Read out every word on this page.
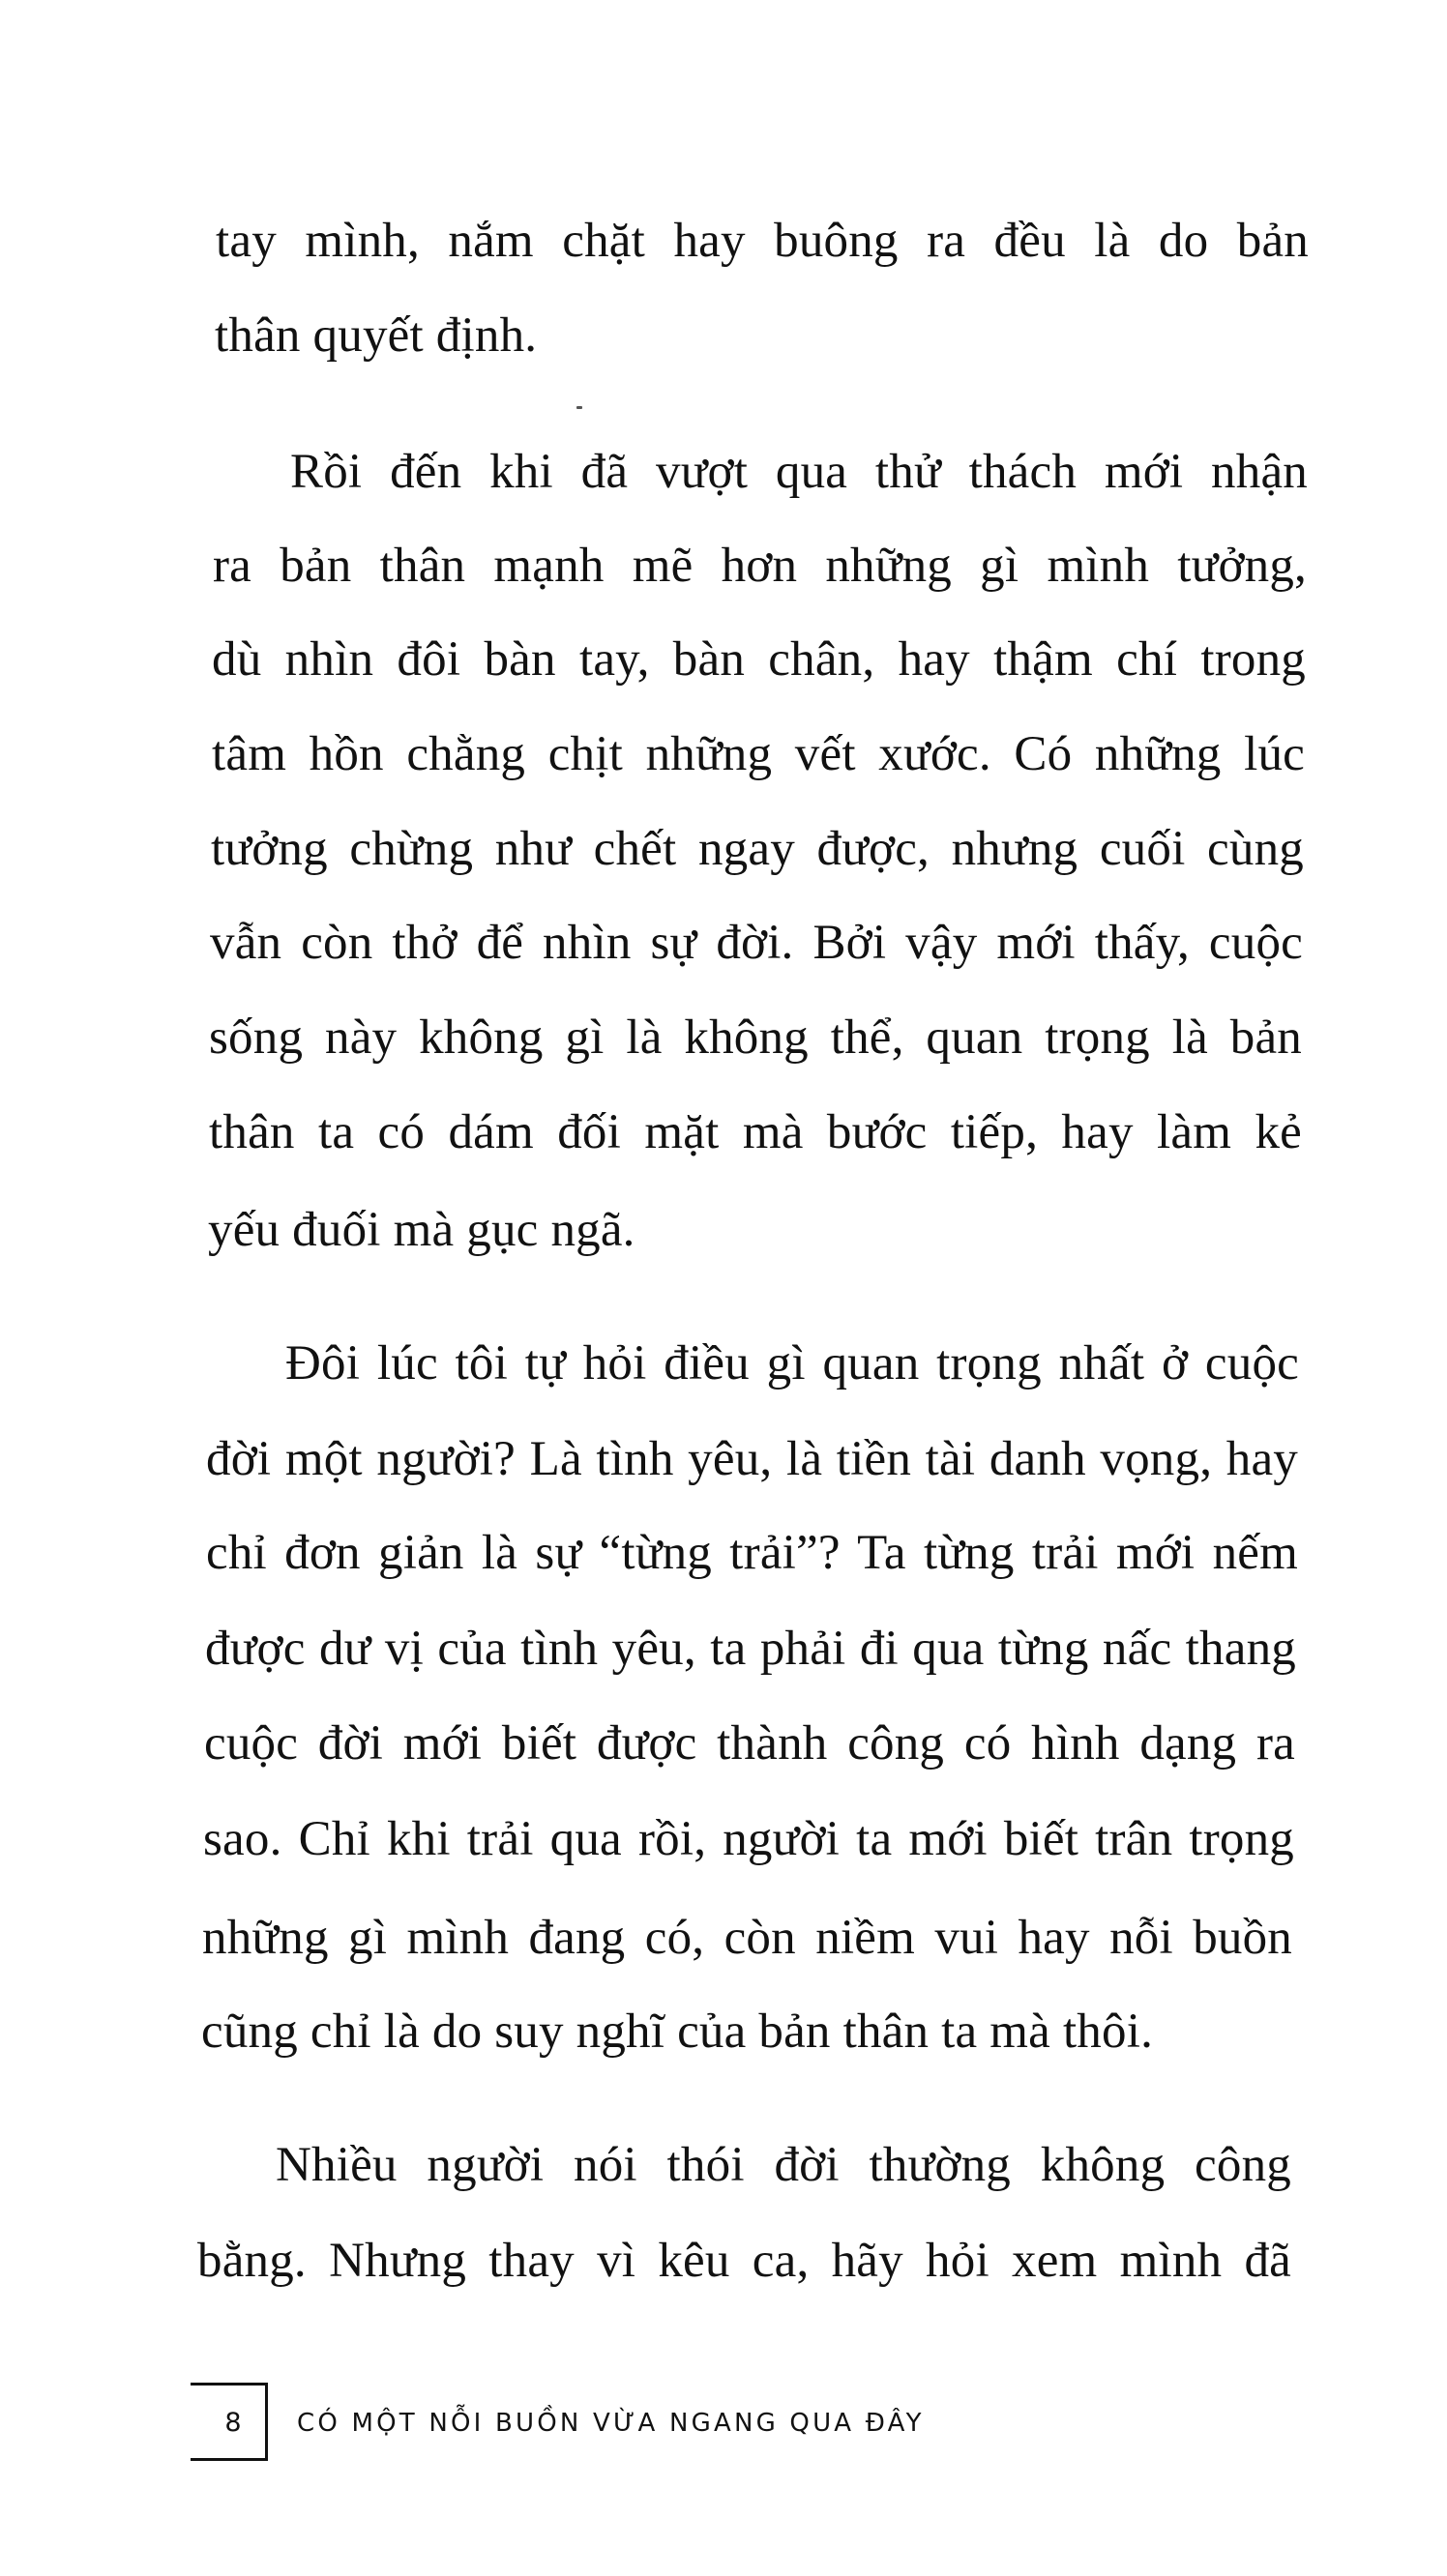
tay mình, nắm chặt hay buông ra đều là do bản
thân quyết định.
Rồi đến khi đã vượt qua thử thách mới nhận
ra bản thân mạnh mẽ hơn những gì mình tưởng,
dù nhìn đôi bàn tay, bàn chân, hay thậm chí trong
tâm hồn chằng chịt những vết xước. Có những lúc
tưởng chừng như chết ngay được, nhưng cuối cùng
vẫn còn thở để nhìn sự đời. Bởi vậy mới thấy, cuộc
sống này không gì là không thể, quan trọng là bản
thân ta có dám đối mặt mà bước tiếp, hay làm kẻ
yếu đuối mà gục ngã.
Đôi lúc tôi tự hỏi điều gì quan trọng nhất ở cuộc
đời một người? Là tình yêu, là tiền tài danh vọng, hay
chỉ đơn giản là sự “từng trải”? Ta từng trải mới nếm
được dư vị của tình yêu, ta phải đi qua từng nấc thang
cuộc đời mới biết được thành công có hình dạng ra
sao. Chỉ khi trải qua rồi, người ta mới biết trân trọng
những gì mình đang có, còn niềm vui hay nỗi buồn
cũng chỉ là do suy nghĩ của bản thân ta mà thôi.
Nhiều người nói thói đời thường không công
bằng. Nhưng thay vì kêu ca, hãy hỏi xem mình đã
8 CÓ MỘT NỖI BUỒN VỪA NGANG QUA ĐÂY
